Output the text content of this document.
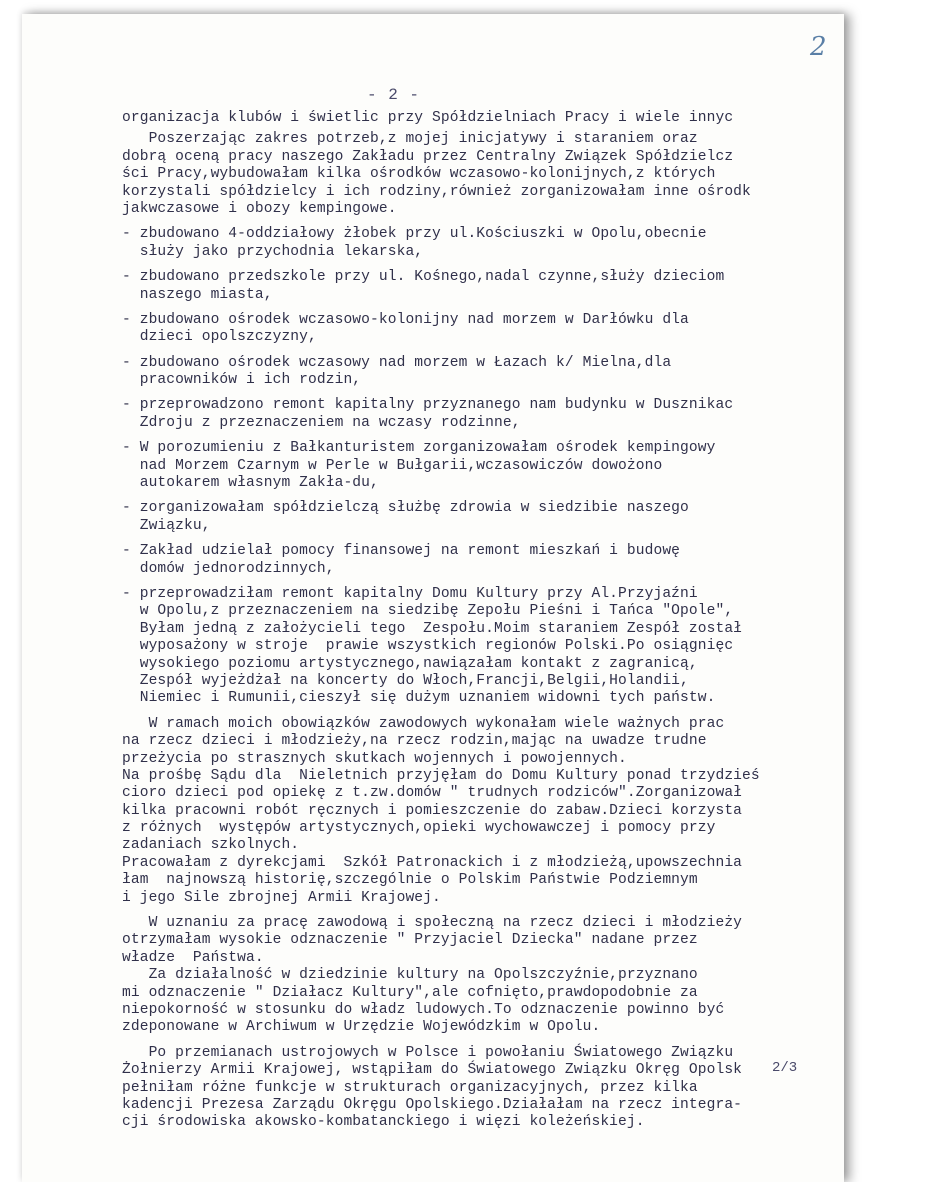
2
- 2 -
organizacja klubów i świetlic przy Spółdzielniach Pracy i wiele innyc
Poszerzając zakres potrzeb,z mojej inicjatywy i staraniem oraz
dobrą oceną pracy naszego Zakładu przez Centralny Związek Spółdzielcz
ści Pracy,wybudowałam kilka ośrodków wczasowo-kolonijnych,z których
korzystali spółdzielcy i ich rodziny,również zorganizowałam inne ośrodk
jakwczasowe i obozy kempingowe.
- zbudowano 4-oddziałowy żłobek przy ul.Kościuszki w Opolu,obecnie
służy jako przychodnia lekarska,
- zbudowano przedszkole przy ul. Kośnego,nadal czynne,służy dzieciom
naszego miasta,
- zbudowano ośrodek wczasowo-kolonijny nad morzem w Darłówku dla
dzieci opolszczyzny,
- zbudowano ośrodek wczasowy nad morzem w Łazach k/ Mielna,dla
pracowników i ich rodzin,
- przeprowadzono remont kapitalny przyznanego nam budynku w Dusznikac
Zdroju z przeznaczeniem na wczasy rodzinne,
- W porozumieniu z Bałkanturistem zorganizowałam ośrodek kempingowy
nad Morzem Czarnym w Perle w Bułgarii,wczasowiczów dowożono
autokarem własnym Zakła-du,
- zorganizowałam spółdzielczą służbę zdrowia w siedzibie naszego
Związku,
- Zakład udzielał pomocy finansowej na remont mieszkań i budowę
domów jednorodzinnych,
- przeprowadziłam remont kapitalny Domu Kultury przy Al.Przyjaźni
w Opolu,z przeznaczeniem na siedzibę Zepołu Pieśni i Tańca "Opole",
Byłam jedną z założycieli tego  Zespołu.Moim staraniem Zespół został
wyposażony w stroje  prawie wszystkich regionów Polski.Po osiągnięc
wysokiego poziomu artystycznego,nawiązałam kontakt z zagranicą,
Zespół wyjeżdżał na koncerty do Włoch,Francji,Belgii,Holandii,
Niemiec i Rumunii,cieszył się dużym uznaniem widowni tych państw.
W ramach moich obowiązków zawodowych wykonałam wiele ważnych prac
na rzecz dzieci i młodzieży,na rzecz rodzin,mając na uwadze trudne
przeżycia po strasznych skutkach wojennych i powojennych.
Na prośbę Sądu dla  Nieletnich przyjęłam do Domu Kultury ponad trzydzieś
cioro dzieci pod opiekę z t.zw.domów " trudnych rodziców".Zorganizował
kilka pracowni robót ręcznych i pomieszczenie do zabaw.Dzieci korzysta
z różnych  występów artystycznych,opieki wychowawczej i pomocy przy
zadaniach szkolnych.
Pracowałam z dyrekcjami  Szkół Patronackich i z młodzieżą,upowszechnia
łam  najnowszą historię,szczególnie o Polskim Państwie Podziemnym
i jego Sile zbrojnej Armii Krajowej.
W uznaniu za pracę zawodową i społeczną na rzecz dzieci i młodzieży
otrzymałam wysokie odznaczenie " Przyjaciel Dziecka" nadane przez
władze  Państwa.
Za działalność w dziedzinie kultury na Opolszczyźnie,przyznano
mi odznaczenie " Działacz Kultury",ale cofnięto,prawdopodobnie za
niepokorność w stosunku do władz ludowych.To odznaczenie powinno być
zdeponowane w Archiwum w Urzędzie Wojewódzkim w Opolu.
Po przemianach ustrojowych w Polsce i powołaniu Światowego Związku
Żołnierzy Armii Krajowej, wstąpiłam do Światowego Związku Okręg Opolsk
pełniłam różne funkcje w strukturach organizacyjnych, przez kilka
kadencji Prezesa Zarządu Okręgu Opolskiego.Działałam na rzecz integra-
cji środowiska akowsko-kombatanckiego i więzi koleżeńskiej.
2/3
